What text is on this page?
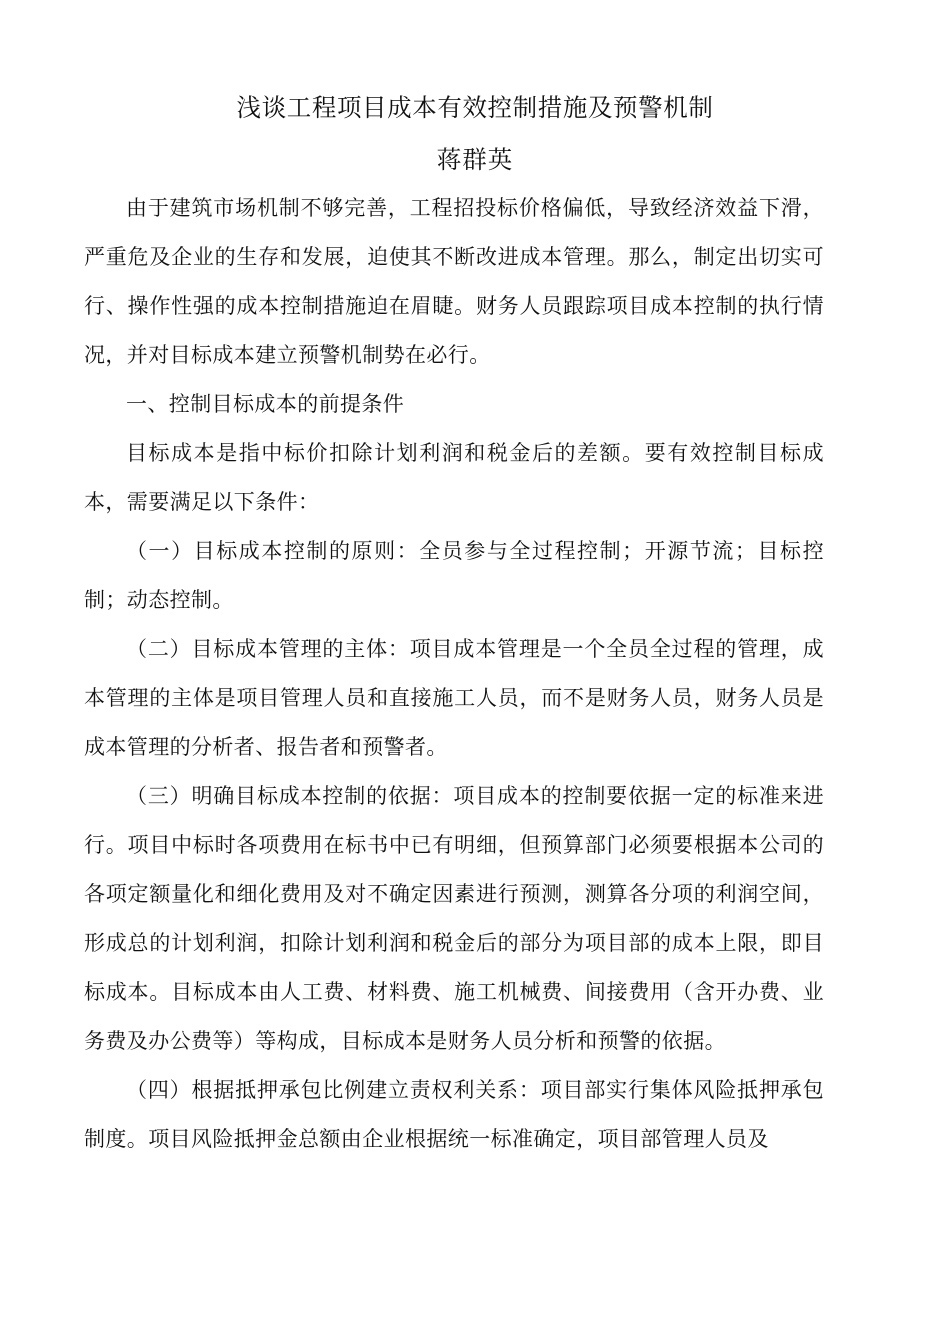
浅谈工程项目成本有效控制措施及预警机制
蒋群英

由于建筑市场机制不够完善，工程招投标价格偏低，导致经济效益下滑，严重危及企业的生存和发展，迫使其不断改进成本管理。那么，制定出切实可行、操作性强的成本控制措施迫在眉睫。财务人员跟踪项目成本控制的执行情况，并对目标成本建立预警机制势在必行。

一、控制目标成本的前提条件

目标成本是指中标价扣除计划利润和税金后的差额。要有效控制目标成本，需要满足以下条件：

（一）目标成本控制的原则：全员参与全过程控制；开源节流；目标控制；动态控制。

（二）目标成本管理的主体：项目成本管理是一个全员全过程的管理，成本管理的主体是项目管理人员和直接施工人员，而不是财务人员，财务人员是成本管理的分析者、报告者和预警者。

（三）明确目标成本控制的依据：项目成本的控制要依据一定的标准来进行。项目中标时各项费用在标书中已有明细，但预算部门必须要根据本公司的各项定额量化和细化费用及对不确定因素进行预测，测算各分项的利润空间，形成总的计划利润，扣除计划利润和税金后的部分为项目部的成本上限，即目标成本。目标成本由人工费、材料费、施工机械费、间接费用（含开办费、业务费及办公费等）等构成，目标成本是财务人员分析和预警的依据。

（四）根据抵押承包比例建立责权利关系：项目部实行集体风险抵押承包制度。项目风险抵押金总额由企业根据统一标准确定，项目部管理人员及
